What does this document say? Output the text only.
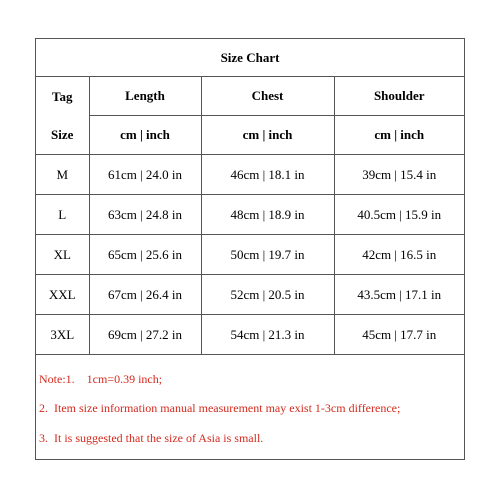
Size Chart			

Tag
Size	Length	Chest	Shoulder
	cm | inch	cm | inch	cm | inch
M	61cm | 24.0 in	46cm | 18.1 in	39cm | 15.4 in
L	63cm | 24.8 in	48cm | 18.9 in	40.5cm | 15.9 in
XL	65cm | 25.6 in	50cm | 19.7 in	42cm | 16.5 in
XXL	67cm | 26.4 in	52cm | 20.5 in	43.5cm | 17.1 in
3XL	69cm | 27.2 in	54cm | 21.3 in	45cm | 17.7 in
Note:1.    1cm=0.39 inch;
2.  Item size information manual measurement may exist 1-3cm difference;
3.  It is suggested that the size of Asia is small.
